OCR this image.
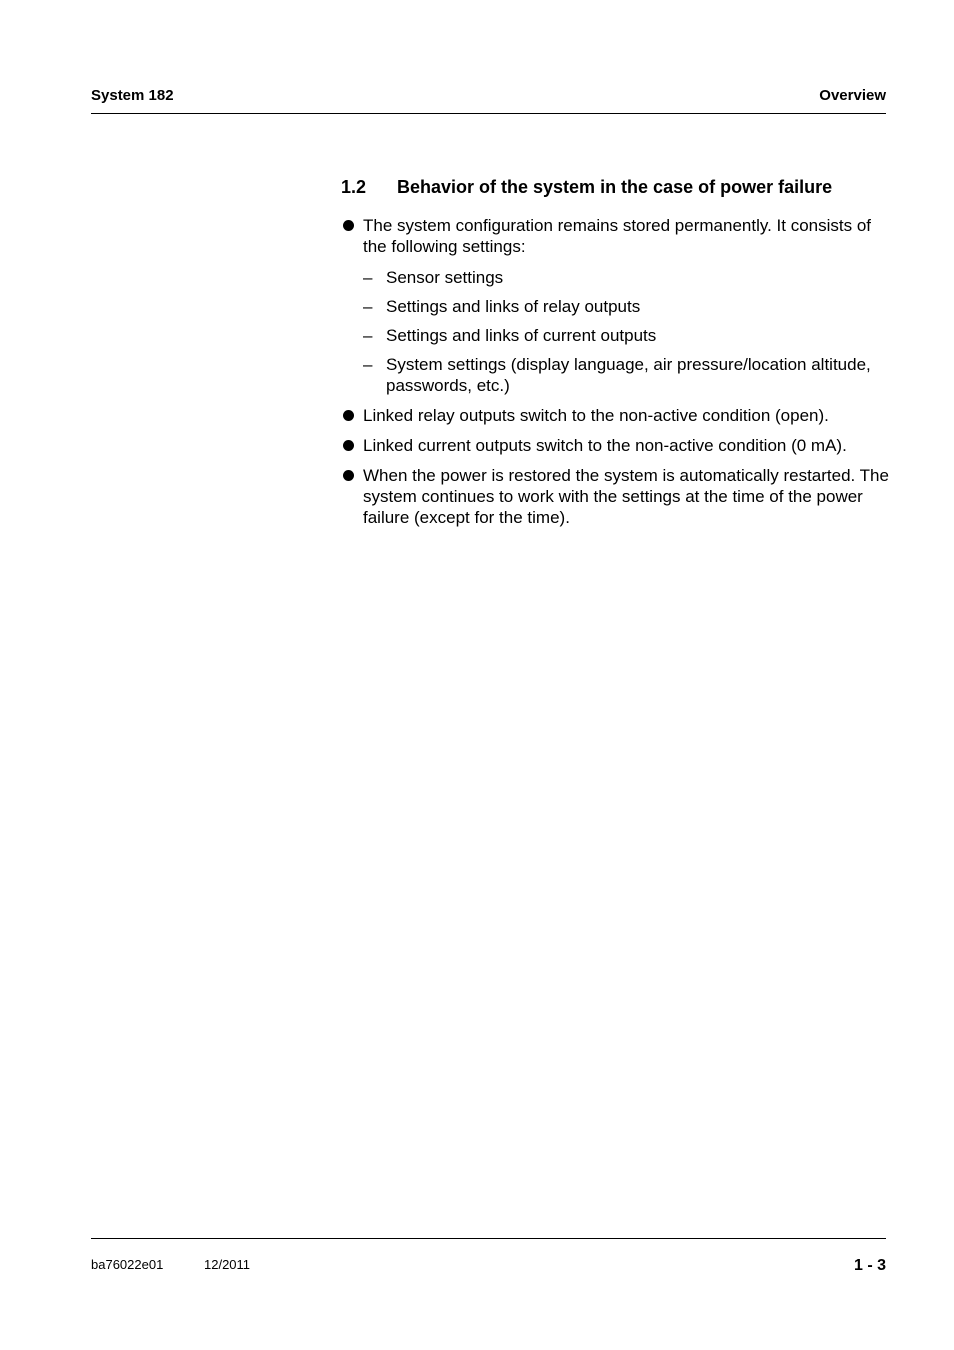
System 182	Overview
1.2 Behavior of the system in the case of power failure
The system configuration remains stored permanently. It consists of the following settings:
– Sensor settings
– Settings and links of relay outputs
– Settings and links of current outputs
– System settings (display language, air pressure/location altitude, passwords, etc.)
Linked relay outputs switch to the non-active condition (open).
Linked current outputs switch to the non-active condition (0 mA).
When the power is restored the system is automatically restarted. The system continues to work with the settings at the time of the power failure (except for the time).
ba76022e01	12/2011	1 - 3
